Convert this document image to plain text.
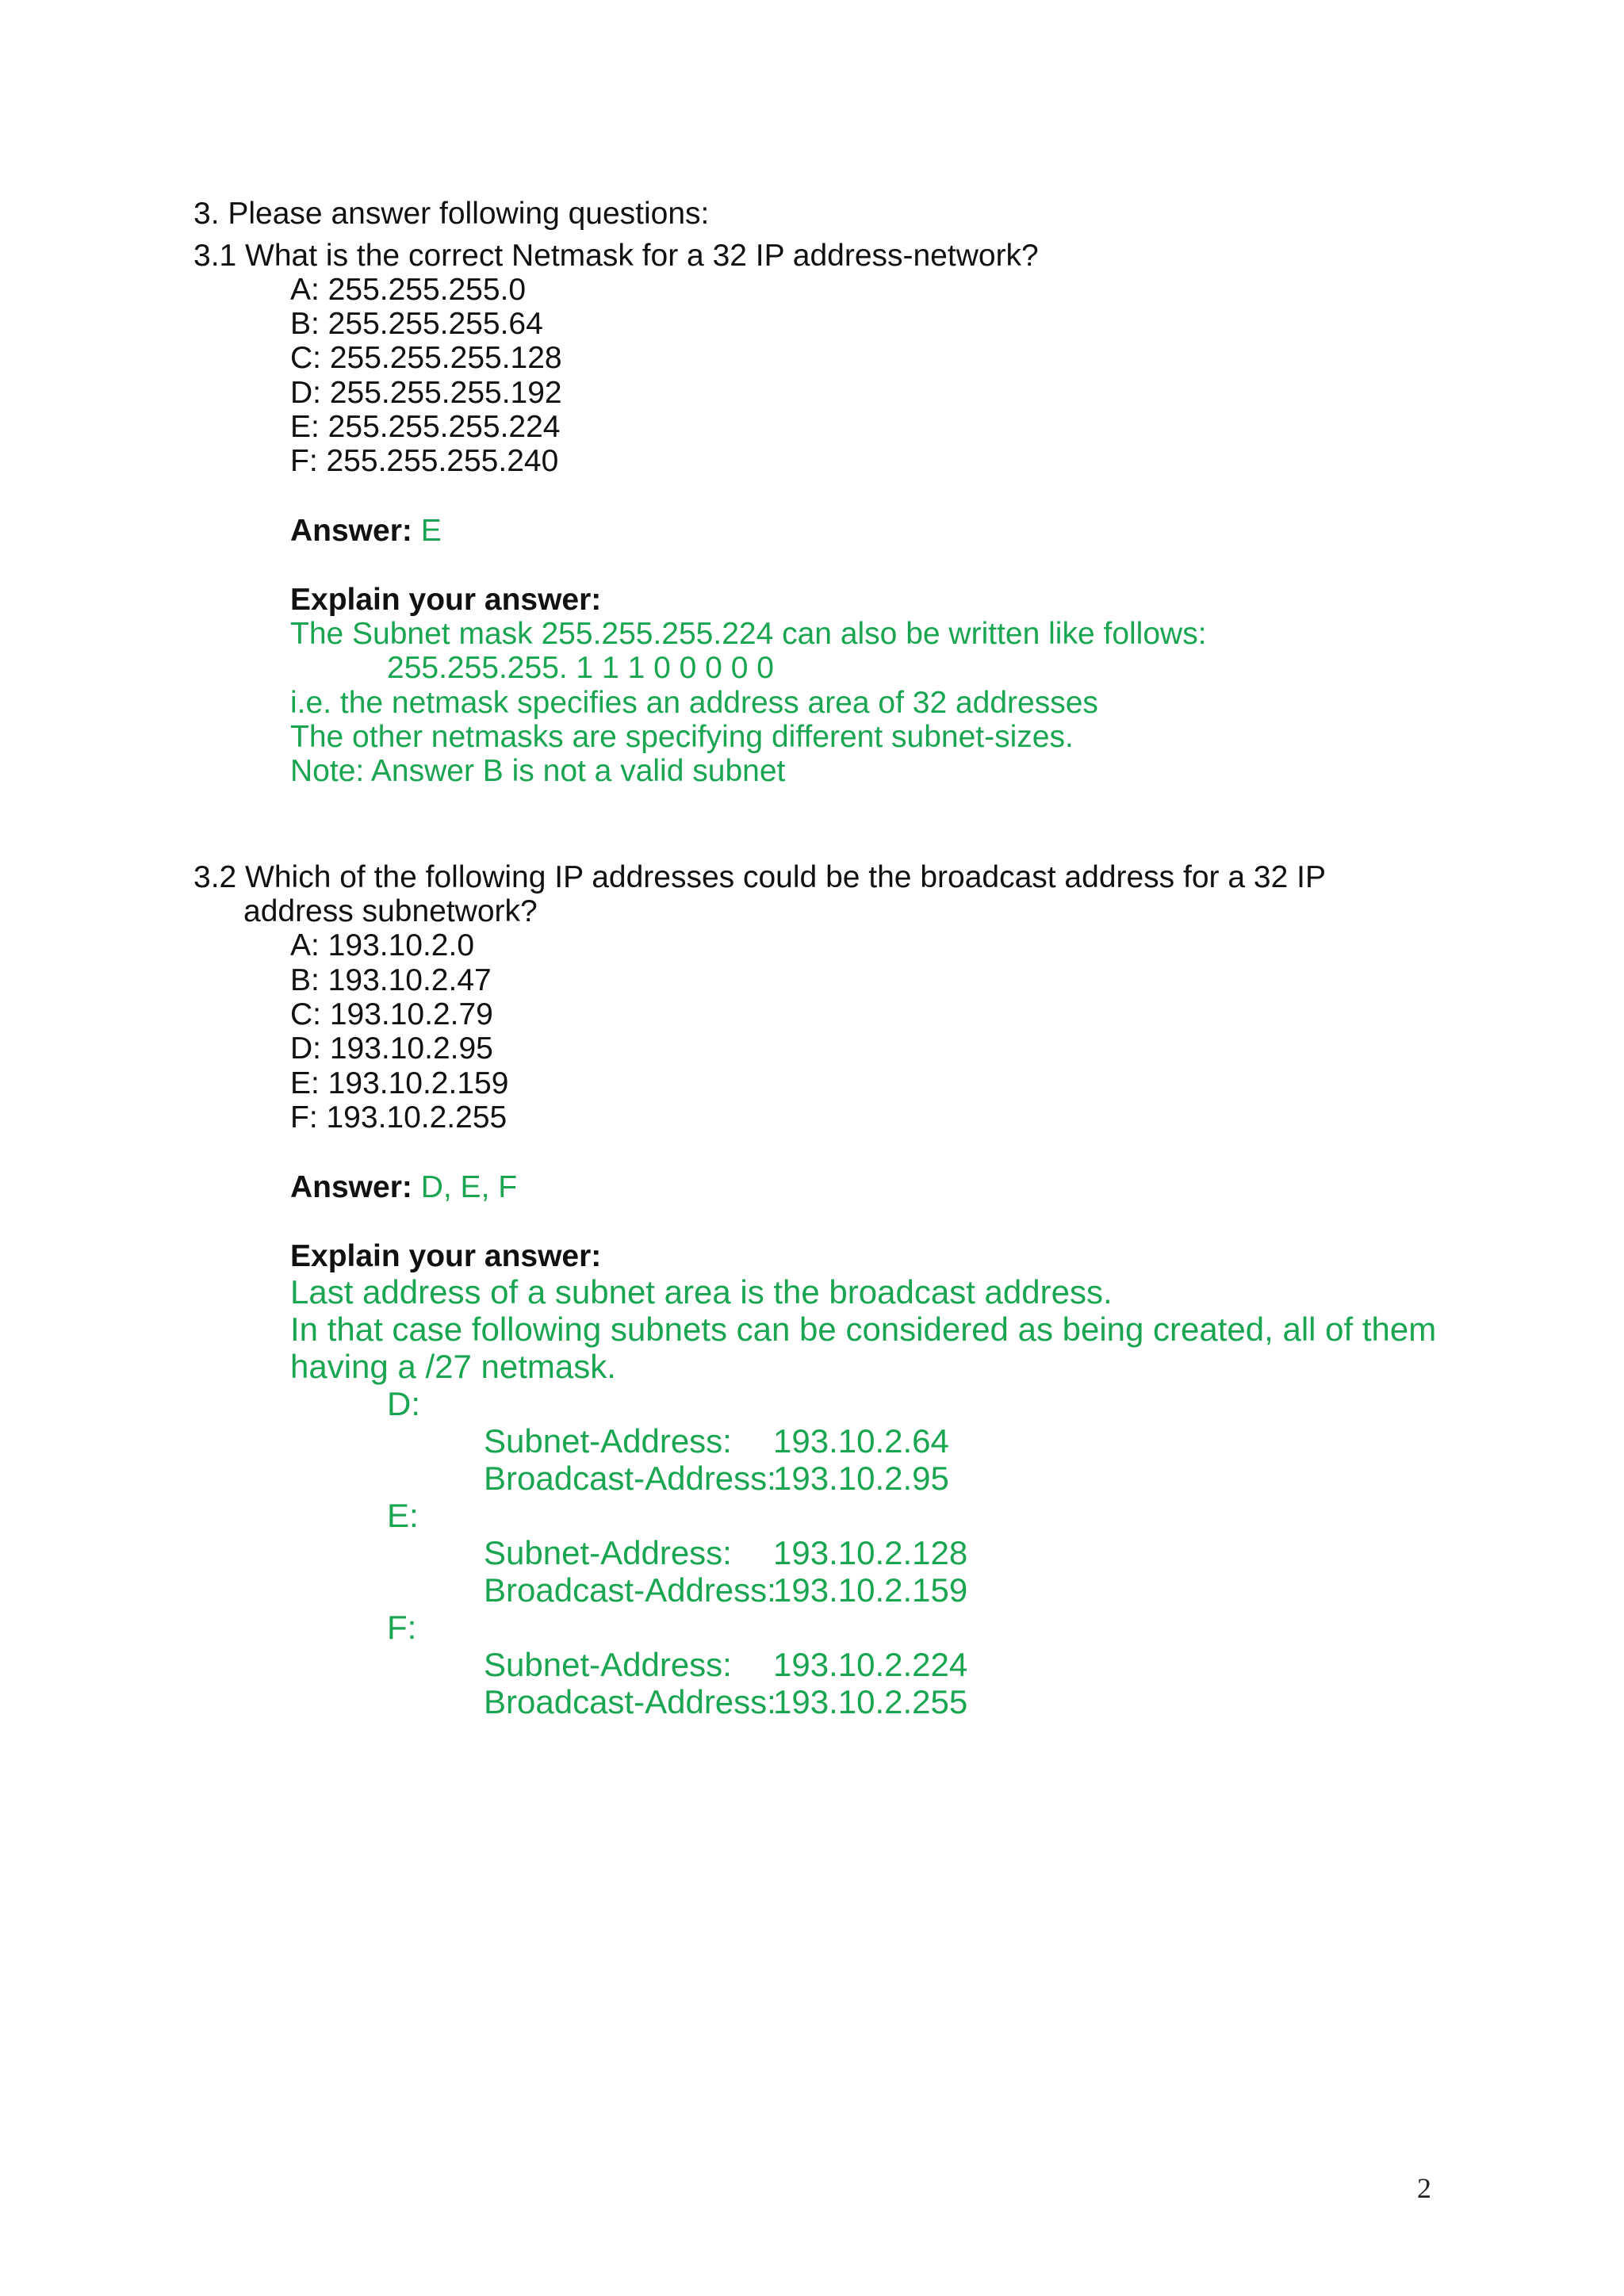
3. Please answer following questions:
3.1 What is the correct Netmask for a 32 IP address-network?
A: 255.255.255.0
B: 255.255.255.64
C: 255.255.255.128
D: 255.255.255.192
E: 255.255.255.224
F: 255.255.255.240
Answer: E
Explain your answer:
The Subnet mask 255.255.255.224 can also be written like follows:
255.255.255. 1 1 1 0 0 0 0 0
i.e. the netmask specifies an address area of 32 addresses
The other netmasks are specifying different subnet-sizes.
Note: Answer B is not a valid subnet
3.2 Which of the following IP addresses could be the broadcast address for a 32 IP
address subnetwork?
A: 193.10.2.0
B: 193.10.2.47
C: 193.10.2.79
D: 193.10.2.95
E: 193.10.2.159
F: 193.10.2.255
Answer: D, E, F
Explain your answer:
Last address of a subnet area is the broadcast address.
In that case following subnets can be considered as being created, all of them
having a /27 netmask.
D:
Subnet-Address: 193.10.2.64
Broadcast-Address:
193.10.2.95
E:
Subnet-Address: 193.10.2.128
Broadcast-Address:
193.10.2.159
F:
Subnet-Address: 193.10.2.224
Broadcast-Address:
193.10.2.255
2
